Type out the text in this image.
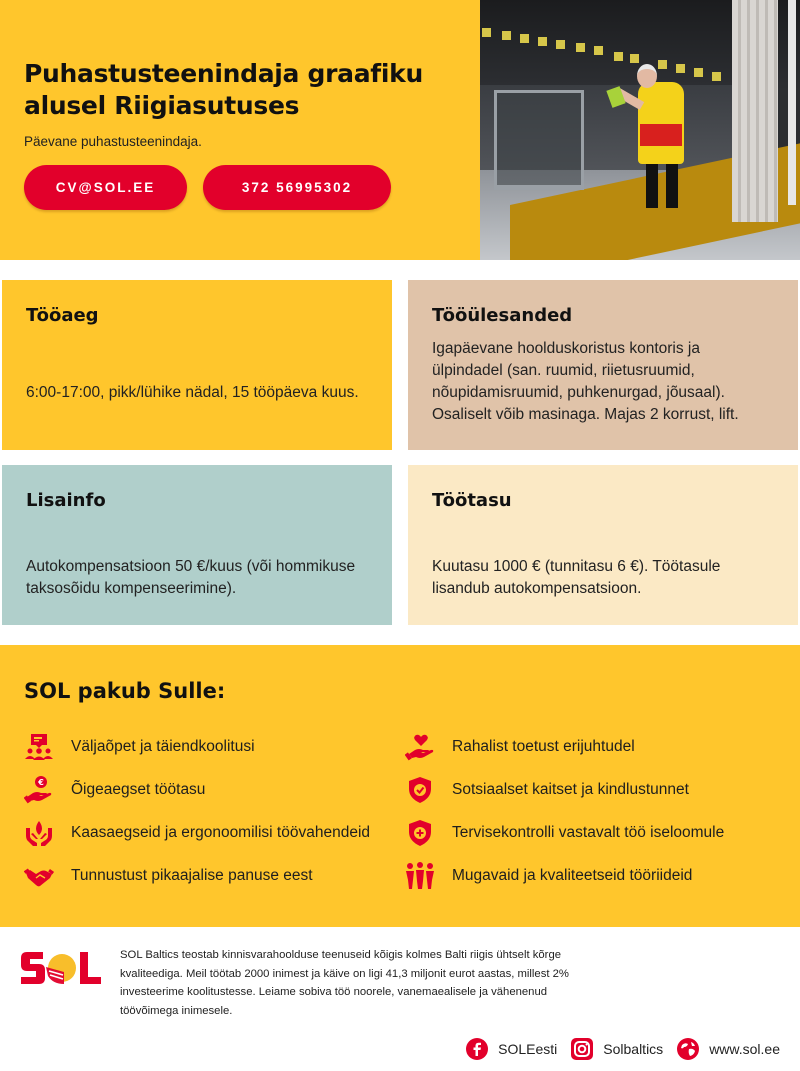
Puhastusteenindaja graafiku alusel Riigiasutuses
Päevane puhastusteenindaja.
CV@SOL.EE	372 56995302
Tööaeg

6:00-17:00, pikk/lühike nädal, 15 tööpäeva kuus.

Tööülesanded

Igapäevane hoolduskoristus kontoris ja ülpindadel (san. ruumid, riietusruumid, nõupidamisruumid, puhkenurgad, jõusaal). Osaliselt võib masinaga. Majas 2 korrust, lift.

Lisainfo

Autokompensatsioon 50 €/kuus (või hommikuse taksosõidu kompenseerimine).

Töötasu

Kuutasu 1000 € (tunnitasu 6 €). Töötasule lisandub autokompensatsioon.

SOL pakub Sulle:
Väljaõpet ja täiendkoolitusi
€ Õigeaegset töötasu
Kaasaegseid ja ergonoomilisi töövahendeid
Tunnustust pikaajalise panuse eest
Rahalist toetust erijuhtudel
Sotsiaalset kaitset ja kindlustunnet
Tervisekontrolli vastavalt töö iseloomule
Mugavaid ja kvaliteetseid tööriideid

SOL Baltics teostab kinnisvarahoolduse teenuseid kõigis kolmes Balti riigis ühtselt kõrge kvaliteediga. Meil töötab 2000 inimest ja käive on ligi 41,3 miljonit eurot aastas, millest 2% investeerime koolitustesse. Leiame sobiva töö noorele, vanemaealisele ja vähenenud töövõimega inimesele.

SOLEesti	Solbaltics	www.sol.ee
